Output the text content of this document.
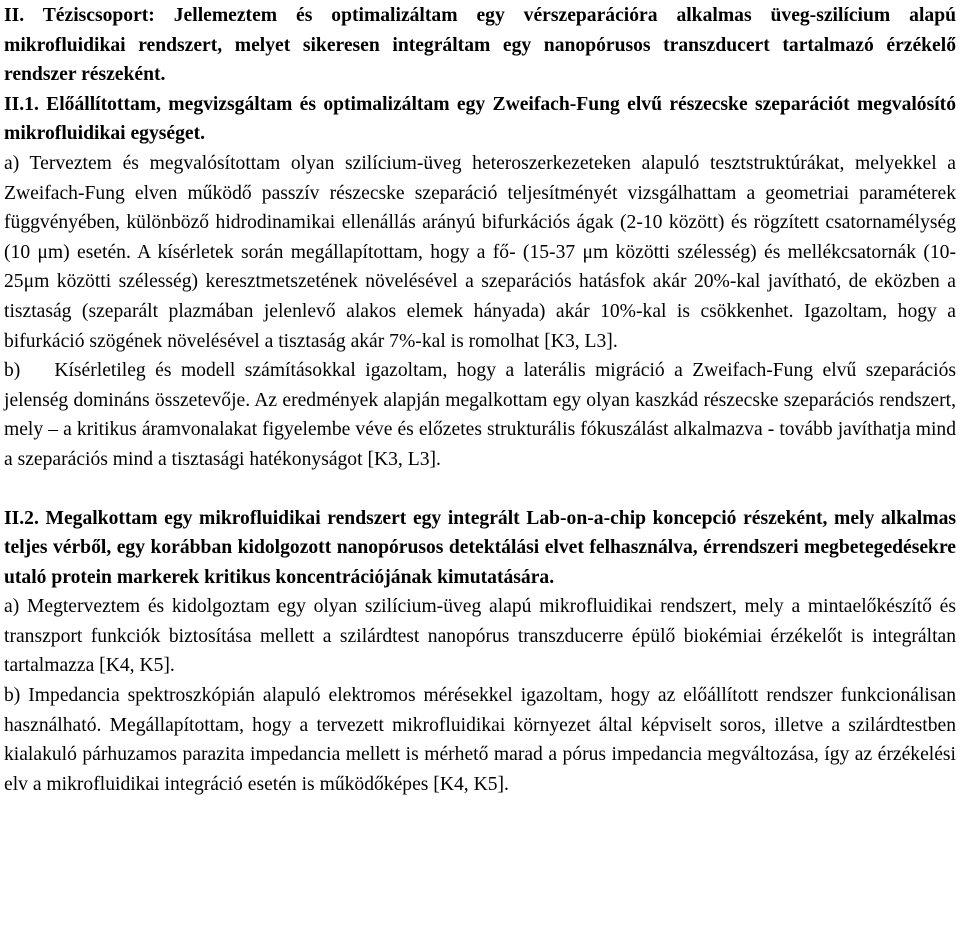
II. Téziscsoport: Jellemeztem és optimalizáltam egy vérszeparációra alkalmas üveg-szilícium alapú mikrofluidikai rendszert, melyet sikeresen integráltam egy nanopórusos transzducert tartalmazó érzékelő rendszer részeként.

II.1. Előállítottam, megvizsgáltam és optimalizáltam egy Zweifach-Fung elvű részecske szeparációt megvalósító mikrofluidikai egységet.

a) Terveztem és megvalósítottam olyan szilícium-üveg heteroszerkezeteken alapuló tesztstruktúrákat, melyekkel a Zweifach-Fung elven működő passzív részecske szeparáció teljesítményét vizsgálhattam a geometriai paraméterek függvényében, különböző hidrodinamikai ellenállás arányú bifurkációs ágak (2-10 között) és rögzített csatornamélység (10 μm) esetén. A kísérletek során megállapítottam, hogy a fő- (15-37 μm közötti szélesség) és mellékcsatornák (10-25μm közötti szélesség) keresztmetszetének növelésével a szeparációs hatásfok akár 20%-kal javítható, de eközben a tisztaság (szeparált plazmában jelenlevő alakos elemek hányada) akár 10%-kal is csökkenhet. Igazoltam, hogy a bifurkáció szögének növelésével a tisztaság akár 7%-kal is romolhat [K3, L3].

b) Kísérletileg és modell számításokkal igazoltam, hogy a laterális migráció a Zweifach-Fung elvű szeparációs jelenség domináns összetevője. Az eredmények alapján megalkottam egy olyan kaszkád részecske szeparációs rendszert, mely – a kritikus áramvonalakat figyelembe véve és előzetes strukturális fókuszálást alkalmazva - tovább javíthatja mind a szeparációs mind a tisztasági hatékonyságot [K3, L3].

II.2. Megalkottam egy mikrofluidikai rendszert egy integrált Lab-on-a-chip koncepció részeként, mely alkalmas teljes vérből, egy korábban kidolgozott nanopórusos detektálási elvet felhasználva, érrendszeri megbetegedésekre utaló protein markerek kritikus koncentrációjának kimutatására.

a) Megterveztem és kidolgoztam egy olyan szilícium-üveg alapú mikrofluidikai rendszert, mely a mintaelőkészítő és transzport funkciók biztosítása mellett a szilárdtest nanopórus transzducerre épülő biokémiai érzékelőt is integráltan tartalmazza [K4, K5].

b) Impedancia spektroszkópián alapuló elektromos mérésekkel igazoltam, hogy az előállított rendszer funkcionálisan használható. Megállapítottam, hogy a tervezett mikrofluidikai környezet által képviselt soros, illetve a szilárdtestben kialakuló párhuzamos parazita impedancia mellett is mérhető marad a pórus impedancia megváltozása, így az érzékelési elv a mikrofluidikai integráció esetén is működőképes [K4, K5].
